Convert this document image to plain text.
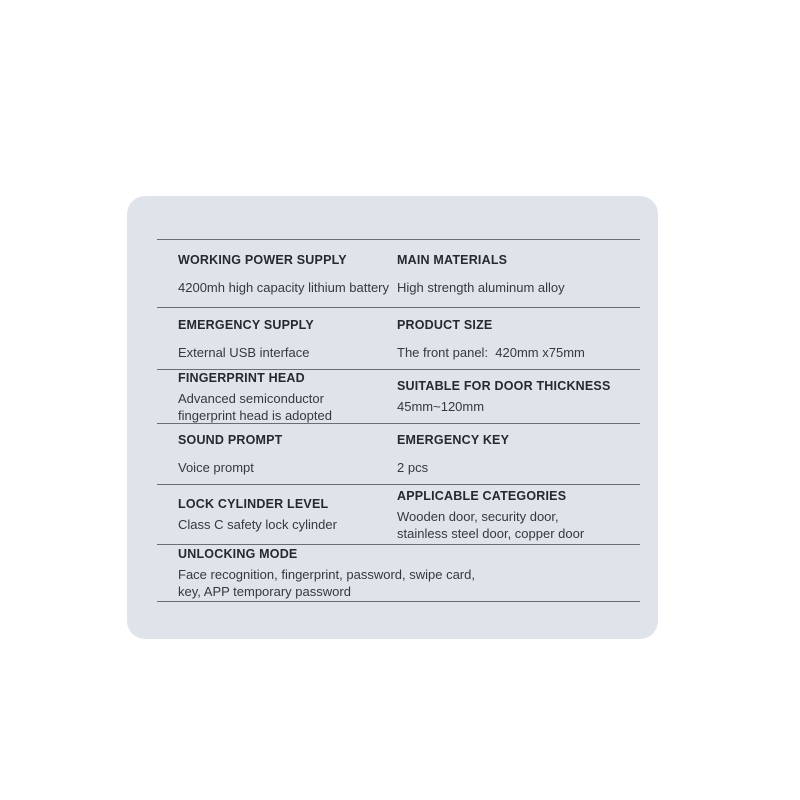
WORKING POWER SUPPLY
4200mh high capacity lithium battery
MAIN MATERIALS
High strength aluminum alloy
EMERGENCY SUPPLY
External USB interface
PRODUCT SIZE
The front panel:  420mm x75mm
FINGERPRINT HEAD
Advanced semiconductor
fingerprint head is adopted
SUITABLE FOR DOOR THICKNESS
45mm~120mm
SOUND PROMPT
Voice prompt
EMERGENCY KEY
2 pcs
LOCK CYLINDER LEVEL
Class C safety lock cylinder
APPLICABLE CATEGORIES
Wooden door, security door,
stainless steel door, copper door
UNLOCKING MODE
Face recognition, fingerprint, password, swipe card,
key, APP temporary password
